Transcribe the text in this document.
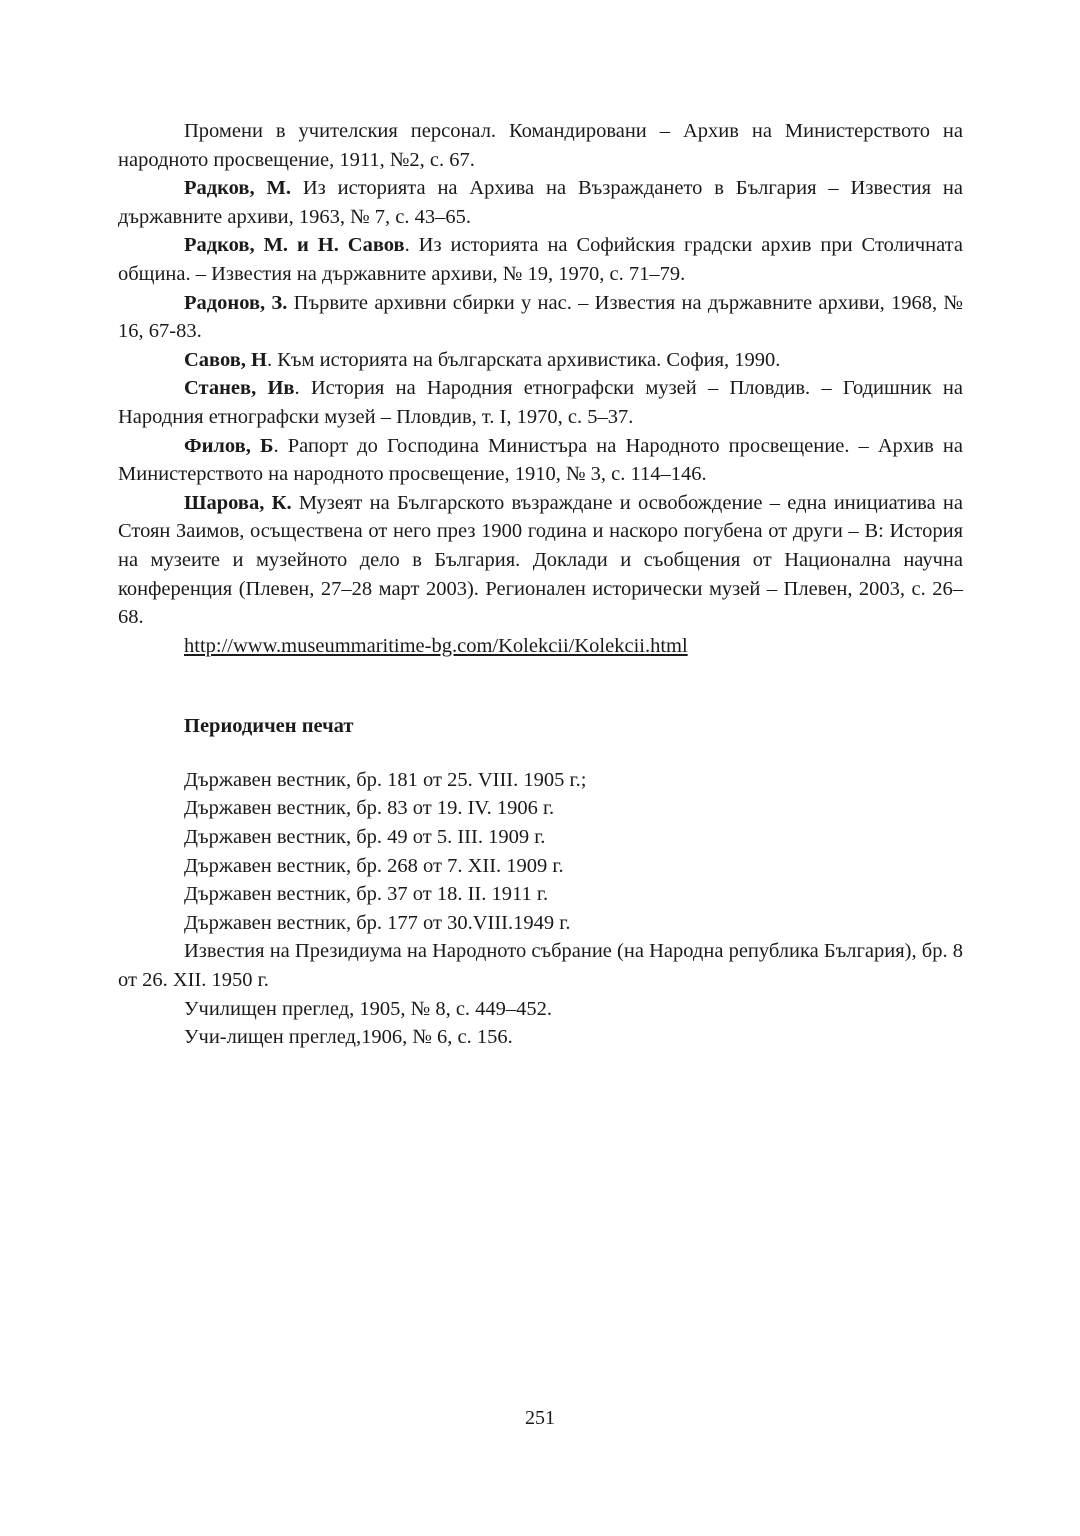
Промени в учителския персонал. Командировани – Архив на Министерството на народното просвещение, 1911, №2, с. 67.

Радков, М. Из историята на Архива на Възраждането в България – Известия на държавните архиви, 1963, № 7, с. 43–65.

Радков, М. и Н. Савов. Из историята на Софийския градски архив при Столичната община. – Известия на държавните архиви, № 19, 1970, с. 71–79.

Радонов, З. Първите архивни сбирки у нас. – Известия на държавните архиви, 1968, № 16, 67-83.

Савов, Н. Към историята на българската архивистика. София, 1990.

Станев, Ив. История на Народния етнографски музей – Пловдив. – Годишник на Народния етнографски музей – Пловдив, т. I, 1970, с. 5–37.

Филов, Б. Рапорт до Господина Министъра на Народното просвещение. – Архив на Министерството на народното просвещение, 1910, № 3, с. 114–146.

Шарова, К. Музеят на Българското възраждане и освобождение – една инициатива на Стоян Заимов, осъществена от него през 1900 година и наскоро погубена от други – В: История на музеите и музейното дело в България. Доклади и съобщения от Национална научна конференция (Плевен, 27–28 март 2003). Регионален исторически музей – Плевен, 2003, с. 26–68.

http://www.museummaritime-bg.com/Kolekcii/Kolekcii.html

Периодичен печат

Държавен вестник, бр. 181 от 25. VIII. 1905 г.;

Държавен вестник, бр. 83 от 19. IV. 1906 г.

Държавен вестник, бр. 49 от 5. III. 1909 г.

Държавен вестник, бр. 268 от 7. XII. 1909 г.

Държавен вестник, бр. 37 от 18. II. 1911 г.

Държавен вестник, бр. 177 от 30.VIII.1949 г.

Известия на Президиума на Народното събрание (на Народна република България), бр. 8 от 26. XII. 1950 г.

Училищен преглед, 1905, № 8, с. 449–452.

Учи-лищен преглед,1906, № 6, с. 156.

251
